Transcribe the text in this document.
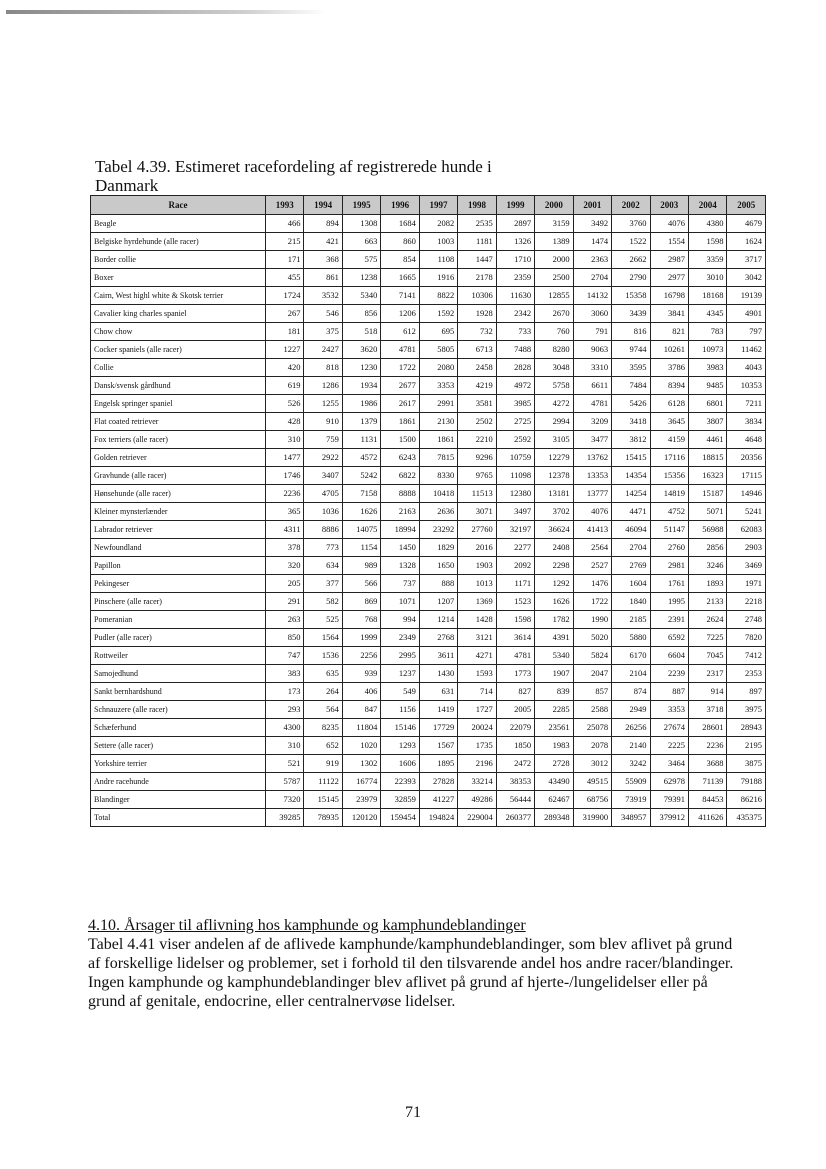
Tabel 4.39. Estimeret racefordeling af registrerede hunde i Danmark
Race	1993	1994	1995	1996	1997	1998	1999	2000	2001	2002	2003	2004	2005
Beagle	466	894	1308	1684	2082	2535	2897	3159	3492	3760	4076	4380	4679
Belgiske hyrdehunde (alle racer)	215	421	663	860	1003	1181	1326	1389	1474	1522	1554	1598	1624
Border collie	171	368	575	854	1108	1447	1710	2000	2363	2662	2987	3359	3717
Boxer	455	861	1238	1665	1916	2178	2359	2500	2704	2790	2977	3010	3042
Cairn, West highl white & Skotsk terrier	1724	3532	5340	7141	8822	10306	11630	12855	14132	15358	16798	18168	19139
Cavalier king charles spaniel	267	546	856	1206	1592	1928	2342	2670	3060	3439	3841	4345	4901
Chow chow	181	375	518	612	695	732	733	760	791	816	821	783	797
Cocker spaniels (alle racer)	1227	2427	3620	4781	5805	6713	7488	8280	9063	9744	10261	10973	11462
Collie	420	818	1230	1722	2080	2458	2828	3048	3310	3595	3786	3983	4043
Dansk/svensk gårdhund	619	1286	1934	2677	3353	4219	4972	5758	6611	7484	8394	9485	10353
Engelsk springer spaniel	526	1255	1986	2617	2991	3581	3985	4272	4781	5426	6128	6801	7211
Flat coated retriever	428	910	1379	1861	2130	2502	2725	2994	3209	3418	3645	3807	3834
Fox terriers (alle racer)	310	759	1131	1500	1861	2210	2592	3105	3477	3812	4159	4461	4648
Golden retriever	1477	2922	4572	6243	7815	9296	10759	12279	13762	15415	17116	18815	20356
Gravhunde (alle racer)	1746	3407	5242	6822	8330	9765	11098	12378	13353	14354	15356	16323	17115
Hønsehunde (alle racer)	2236	4705	7158	8888	10418	11513	12380	13181	13777	14254	14819	15187	14946
Kleiner mynsterlænder	365	1036	1626	2163	2636	3071	3497	3702	4076	4471	4752	5071	5241
Labrador retriever	4311	8886	14075	18994	23292	27760	32197	36624	41413	46094	51147	56988	62083
Newfoundland	378	773	1154	1450	1829	2016	2277	2408	2564	2704	2760	2856	2903
Papillon	320	634	989	1328	1650	1903	2092	2298	2527	2769	2981	3246	3469
Pekingeser	205	377	566	737	888	1013	1171	1292	1476	1604	1761	1893	1971
Pinschere (alle racer)	291	582	869	1071	1207	1369	1523	1626	1722	1840	1995	2133	2218
Pomeranian	263	525	768	994	1214	1428	1598	1782	1990	2185	2391	2624	2748
Pudler (alle racer)	850	1564	1999	2349	2768	3121	3614	4391	5020	5880	6592	7225	7820
Rottweiler	747	1536	2256	2995	3611	4271	4781	5340	5824	6170	6604	7045	7412
Samojedhund	383	635	939	1237	1430	1593	1773	1907	2047	2104	2239	2317	2353
Sankt bernhardshund	173	264	406	549	631	714	827	839	857	874	887	914	897
Schnauzere (alle racer)	293	564	847	1156	1419	1727	2005	2285	2588	2949	3353	3718	3975
Schæferhund	4300	8235	11804	15146	17729	20024	22079	23561	25078	26256	27674	28601	28943
Settere (alle racer)	310	652	1020	1293	1567	1735	1850	1983	2078	2140	2225	2236	2195
Yorkshire terrier	521	919	1302	1606	1895	2196	2472	2728	3012	3242	3464	3688	3875
Andre racehunde	5787	11122	16774	22393	27828	33214	38353	43490	49515	55909	62978	71139	79188
Blandinger	7320	15145	23979	32859	41227	49286	56444	62467	68756	73919	79391	84453	86216
Total	39285	78935	120120	159454	194824	229004	260377	289348	319900	348957	379912	411626	435375
4.10. Årsager til aflivning hos kamphunde og kamphundeblandinger

Tabel 4.41 viser andelen af de aflivede kamphunde/kamphundeblandinger, som blev aflivet på grund af forskellige lidelser og problemer, set i forhold til den tilsvarende andel hos andre racer/blandinger. Ingen kamphunde og kamphundeblandinger blev aflivet på grund af hjerte-/lungelidelser eller på grund af genitale, endocrine, eller centralnervøse lidelser.

71
